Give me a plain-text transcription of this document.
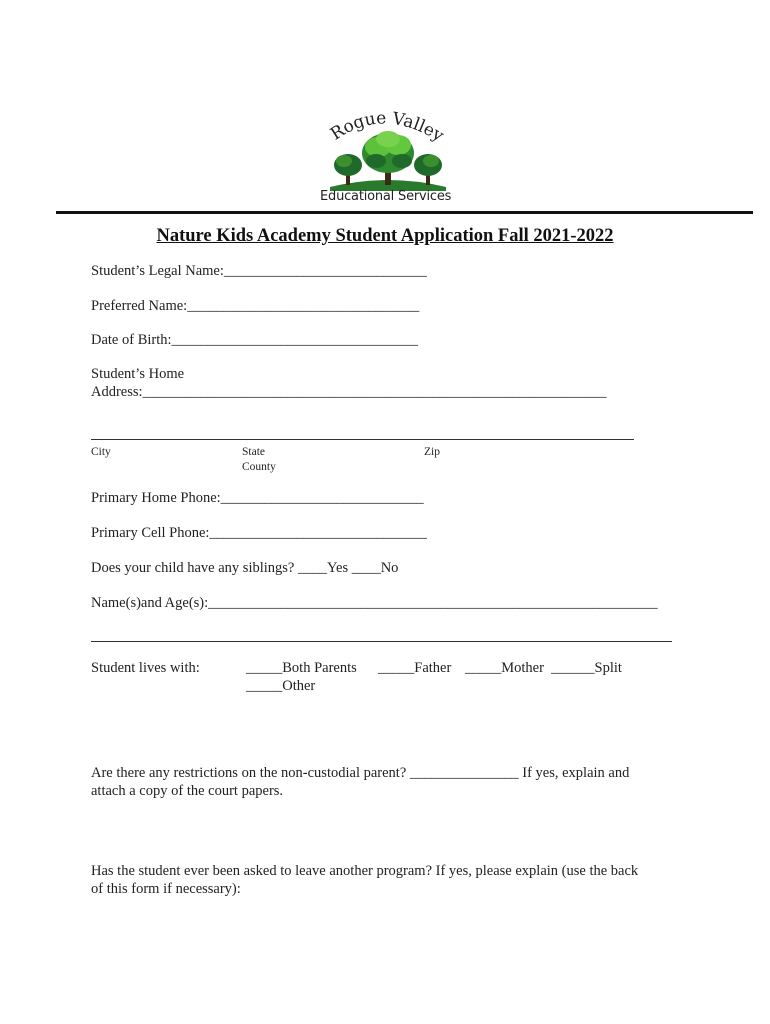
Rogue Valley
Educational Services
Nature Kids Academy Student Application Fall 2021-2022
Student’s Legal Name:____________________________
Preferred Name:________________________________
Date of Birth:__________________________________
Student’s Home
Address:________________________________________________________________
City	State
County
Zip
Primary Home Phone:____________________________
Primary Cell Phone:______________________________
Does your child have any siblings? ____Yes ____No
Name(s)and Age(s):______________________________________________________________
Student lives with:	_____Both Parents _____Father _____Mother ______Split
_____Other
Are there any restrictions on the non-custodial parent? _______________ If yes, explain and
attach a copy of the court papers.
Has the student ever been asked to leave another program? If yes, please explain (use the back
of this form if necessary):
